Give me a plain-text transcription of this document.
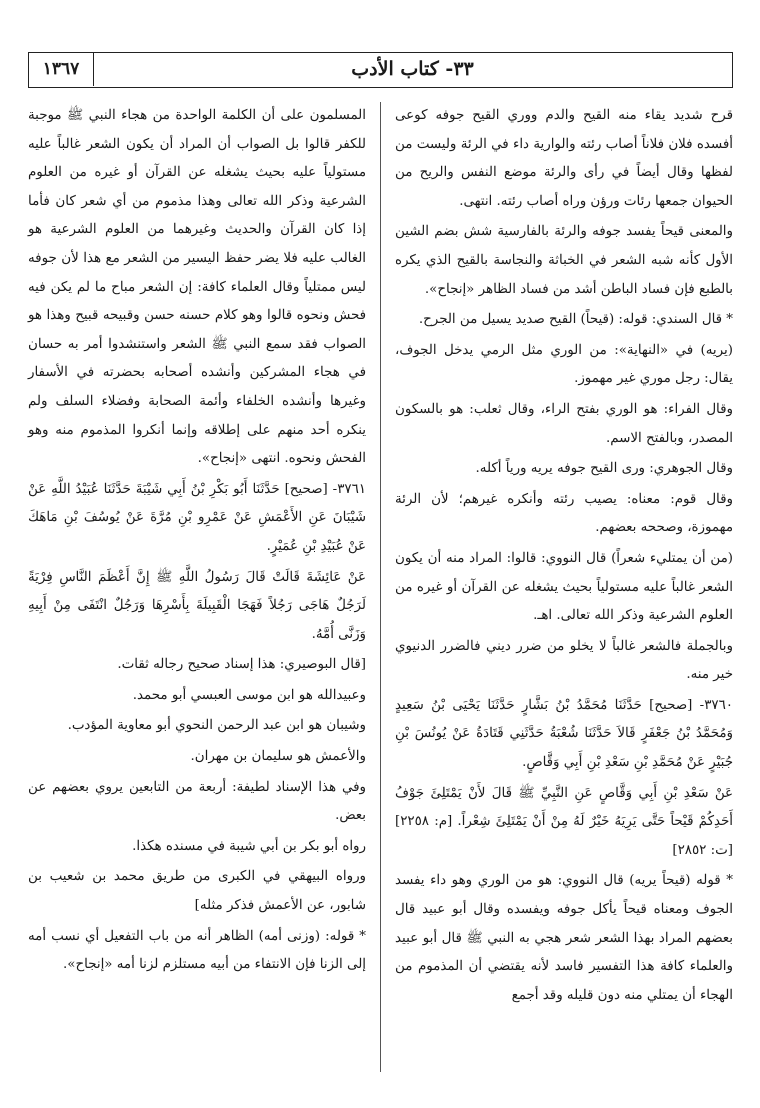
١٣٦٧	٣٣- كتاب الأدب

قرح شديد يقاء منه القيح والدم ووري القيح جوفه كوعى أفسده فلان فلاناً أصاب رئته والوارية داء في الرئة وليست من لفظها وقال أيضاً في رأى والرئة موضع النفس والريح من الحيوان جمعها رئات ورؤن وراه أصاب رئته. انتهى.

والمعنى قيحاً يفسد جوفه والرئة بالفارسية شش بضم الشين الأول كأنه شبه الشعر في الخباثة والنجاسة بالقيح الذي يكره بالطبع فإن فساد الباطن أشد من فساد الظاهر «إنجاح».

* قال السندي: قوله: (قيحاً) القيح صديد يسيل من الجرح.

(يريه) في «النهاية»: من الوري مثل الرمي يدخل الجوف، يقال: رجل موري غير مهموز.

وقال الفراء: هو الوري بفتح الراء، وقال ثعلب: هو بالسكون المصدر، وبالفتح الاسم.

وقال الجوهري: ورى القيح جوفه يريه ورياً أكله.

وقال قوم: معناه: يصيب رئته وأنكره غيرهم؛ لأن الرئة مهموزة، وصححه بعضهم.

(من أن يمتليء شعراً) قال النووي: قالوا: المراد منه أن يكون الشعر غالباً عليه مستولياً بحيث يشغله عن القرآن أو غيره من العلوم الشرعية وذكر الله تعالى. اهـ.

وبالجملة فالشعر غالباً لا يخلو من ضرر ديني فالضرر الدنيوي خير منه.

٣٧٦٠- [صحيح] حَدَّثَنَا مُحَمَّدُ بْنُ بَشَّارٍ حَدَّثَنَا يَحْيَى بْنُ سَعِيدٍ وَمُحَمَّدُ بْنُ جَعْفَرٍ قَالاَ حَدَّثَنَا شُعْبَةُ حَدَّثَنِي قَتَادَةُ عَنْ يُونُسَ بْنِ جُبَيْرٍ عَنْ مُحَمَّدِ بْنِ سَعْدِ بْنِ أَبِي وَقَّاصٍ.

عَنْ سَعْدِ بْنِ أَبِي وَقَّاصٍ عَنِ النَّبِيِّ ﷺ قَالَ لأَنْ يَمْتَلِئَ جَوْفُ أَحَدِكُمْ قَيْحاً حَتَّى يَرِيَهُ خَيْرٌ لَهُ مِنْ أَنْ يَمْتَلِئَ شِعْراً. [م: ٢٢٥٨] [ت: ٢٨٥٢]

* قوله (قيحاً يريه) قال النووي: هو من الوري وهو داء يفسد الجوف ومعناه قيحاً يأكل جوفه ويفسده وقال أبو عبيد قال بعضهم المراد بهذا الشعر شعر هجي به النبي ﷺ قال أبو عبيد والعلماء كافة هذا التفسير فاسد لأنه يقتضي أن المذموم من الهجاء أن يمتلي منه دون قليله وقد أجمع

المسلمون على أن الكلمة الواحدة من هجاء النبي ﷺ موجبة للكفر قالوا بل الصواب أن المراد أن يكون الشعر غالباً عليه مستولياً عليه بحيث يشغله عن القرآن أو غيره من العلوم الشرعية وذكر الله تعالى وهذا مذموم من أي شعر كان فأما إذا كان القرآن والحديث وغيرهما من العلوم الشرعية هو الغالب عليه فلا يضر حفظ اليسير من الشعر مع هذا لأن جوفه ليس ممتلياً وقال العلماء كافة: إن الشعر مباح ما لم يكن فيه فحش ونحوه قالوا وهو كلام حسنه حسن وقبيحه قبيح وهذا هو الصواب فقد سمع النبي ﷺ الشعر واستنشدوا أمر به حسان في هجاء المشركين وأنشده أصحابه بحضرته في الأسفار وغيرها وأنشده الخلفاء وأئمة الصحابة وفضلاء السلف ولم ينكره أحد منهم على إطلاقه وإنما أنكروا المذموم منه وهو الفحش ونحوه. انتهى «إنجاح».

٣٧٦١- [صحيح] حَدَّثَنَا أَبُو بَكْرِ بْنُ أَبِي شَيْبَةَ حَدَّثَنَا عُبَيْدُ اللَّهِ عَنْ شَيْبَانَ عَنِ الأَعْمَشِ عَنْ عَمْرِو بْنِ مُرَّةَ عَنْ يُوسُفَ بْنِ مَاهَكَ عَنْ عُبَيْدِ بْنِ عُمَيْرٍ.

عَنْ عَائِشَةَ قَالَتْ قَالَ رَسُولُ اللَّهِ ﷺ إِنَّ أَعْظَمَ النَّاسِ فِرْيَةً لَرَجُلٌ هَاجَى رَجُلاً فَهَجَا الْقَبِيلَةَ بِأَسْرِهَا وَرَجُلٌ انْتَفَى مِنْ أَبِيهِ وَزَنَّى أُمَّهُ.

[قال البوصيري: هذا إسناد صحيح رجاله ثقات.

وعبيدالله هو ابن موسى العبسي أبو محمد.

وشيبان هو ابن عبد الرحمن النحوي أبو معاوية المؤدب.

والأعمش هو سليمان بن مهران.

وفي هذا الإسناد لطيفة: أربعة من التابعين يروي بعضهم عن بعض.

رواه أبو بكر بن أبي شيبة في مسنده هكذا.

ورواه البيهقي في الكبرى من طريق محمد بن شعيب بن شابور، عن الأعمش فذكر مثله]

* قوله: (وزنى أمه) الظاهر أنه من باب التفعيل أي نسب أمه إلى الزنا فإن الانتفاء من أبيه مستلزم لزنا أمه «إنجاح».
